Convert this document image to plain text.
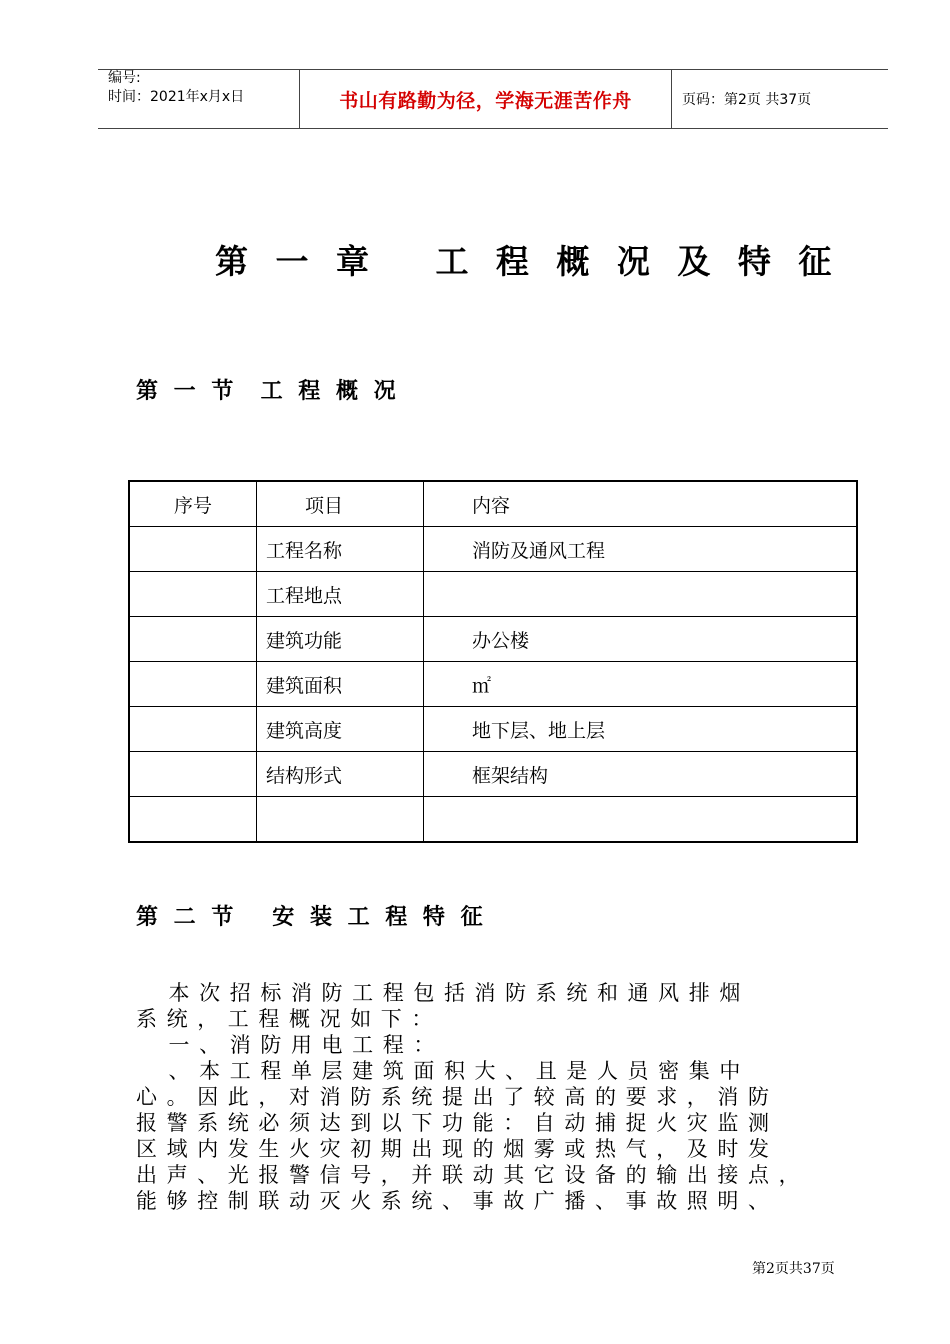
编号:
时间：2021年x月x日	书山有路勤为径，学海无涯苦作舟	页码：第2页 共37页
第 一 章   工 程 概 况 及 特 征
第 一 节  工 程 概 况
序号	项目	内容
	工程名称	消防及通风工程
	工程地点	
	建筑功能	办公楼
	建筑面积	㎡
	建筑高度	地下层、地上层
	结构形式	框架结构

第 二 节   安 装 工 程 特 征

本次招标消防工程包括消防系统和通风排烟

系统，工程概况如下：

一、消防用电工程：

、本工程单层建筑面积大、且是人员密集中

心。因此，对消防系统提出了较高的要求，消防

报警系统必须达到以下功能：自动捕捉火灾监测

区域内发生火灾初期出现的烟雾或热气，及时发

出声、光报警信号，并联动其它设备的输出接点，

能够控制联动灭火系统、事故广播、事故照明、

第2页共37页
